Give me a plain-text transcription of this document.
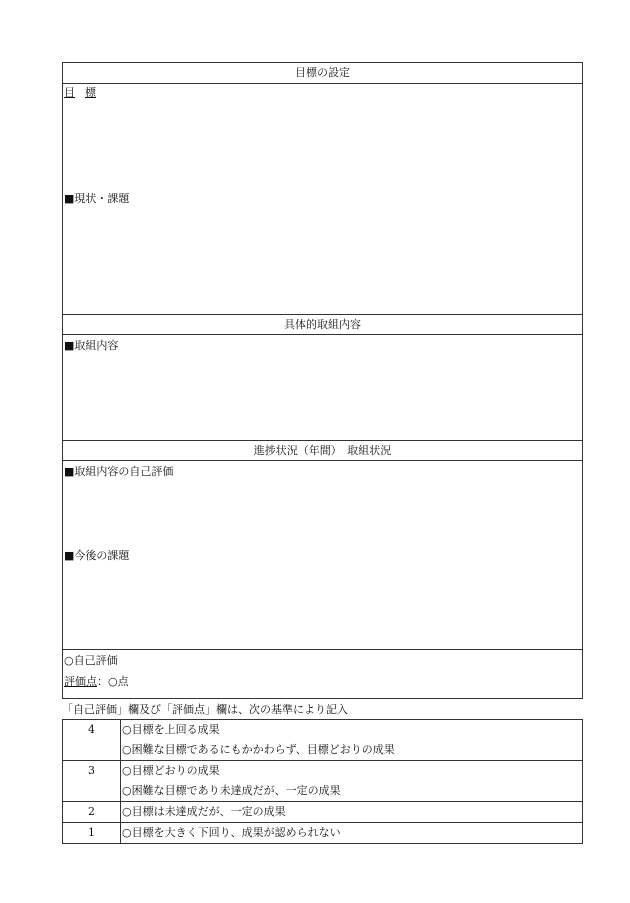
目標の設定
目 標
■現状・課題
具体的取組内容
■取組内容
進捗状況（年間）　取組状況
■取組内容の自己評価
■今後の課題
○自己評価
評価点：○点
「自己評価」欄及び「評価点」欄は、次の基準により記入
4	○目標を上回る成果
○困難な目標であるにもかかわらず、目標どおりの成果

3	○目標どおりの成果
○困難な目標であり未達成だが、一定の成果

2	○目標は未達成だが、一定の成果

1	○目標を大きく下回り、成果が認められない
